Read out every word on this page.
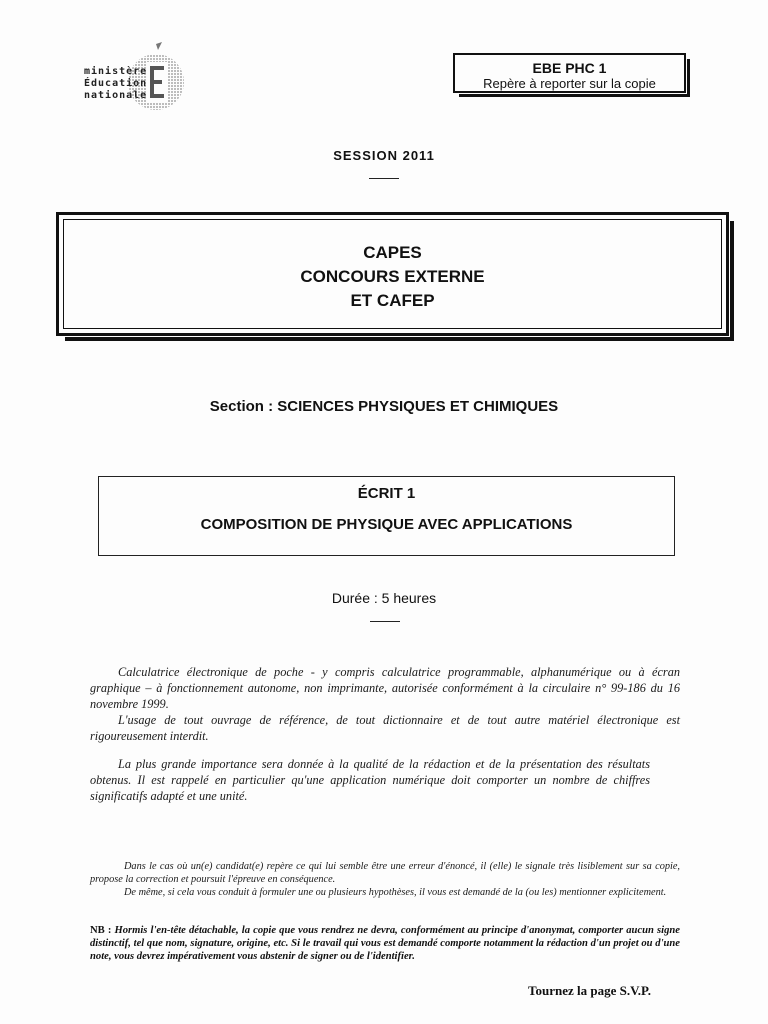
ministère
Éducation
nationale
EBE PHC 1
Repère à reporter sur la copie
SESSION 2011
CAPES
CONCOURS EXTERNE
ET CAFEP
Section : SCIENCES PHYSIQUES ET CHIMIQUES
ÉCRIT 1
COMPOSITION DE PHYSIQUE AVEC APPLICATIONS
Durée : 5 heures
Calculatrice électronique de poche - y compris calculatrice programmable, alphanumérique ou à écran graphique – à fonctionnement autonome, non imprimante, autorisée conformément à la circulaire n° 99-186 du 16 novembre 1999.
L'usage de tout ouvrage de référence, de tout dictionnaire et de tout autre matériel électronique est rigoureusement interdit.
La plus grande importance sera donnée à la qualité de la rédaction et de la présentation des résultats obtenus. Il est rappelé en particulier qu'une application numérique doit comporter un nombre de chiffres significatifs adapté et une unité.
Dans le cas où un(e) candidat(e) repère ce qui lui semble être une erreur d'énoncé, il (elle) le signale très lisiblement sur sa copie, propose la correction et poursuit l'épreuve en conséquence.
De même, si cela vous conduit à formuler une ou plusieurs hypothèses, il vous est demandé de la (ou les) mentionner explicitement.
NB : Hormis l'en-tête détachable, la copie que vous rendrez ne devra, conformément au principe d'anonymat, comporter aucun signe distinctif, tel que nom, signature, origine, etc. Si le travail qui vous est demandé comporte notamment la rédaction d'un projet ou d'une note, vous devrez impérativement vous abstenir de signer ou de l'identifier.
Tournez la page S.V.P.
